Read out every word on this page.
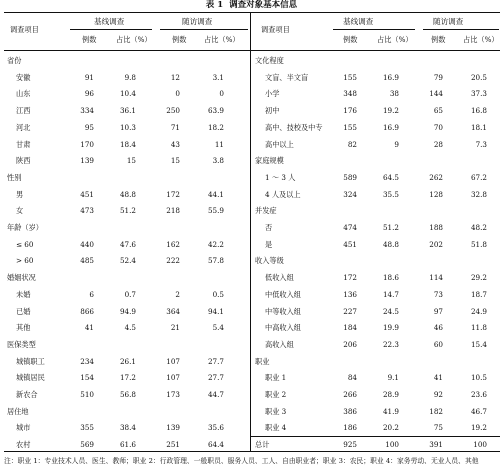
表 1 调查对象基本信息
基线调查	随访调查
调查项目
例数	占比（%）	例数 占比（%）
省份
安徽	91	9.8	12	3.1
山东	96	10.4	0	0
江西	334	36.1	250	63.9
河北	95	10.3	71	18.2
甘肃	170	18.4	43	11
陕西	139	15	15	3.8
性别
男	451	48.8	172	44.1
女	473	51.2	218	55.9
年龄（岁）
≤ 60	440	47.6	162	42.2
> 60	485	52.4	222	57.8
婚姻状况
未婚	6	0.7	2	0.5
已婚	866	94.9	364	94.1
其他	41	4.5	21	5.4
医保类型
城镇职工	234	26.1	107	27.7
城镇居民	154	17.2	107	27.7
新农合	510	56.8	173	44.7
居住地
城市	355	38.4	139	35.6
农村	569	61.6	251	64.4
基线调查	随访调查
调查项目
例数	占比（%）	例数 占比（%）
文化程度
文盲、半文盲	155	16.9	79	20.5
小学	348	38	144	37.3
初中	176	19.2	65	16.8
高中、技校及中专	155	16.9	70	18.1
高中以上	82	9	28	7.3
家庭规模
1 ～ 3 人	589	64.5	262	67.2
4 人及以上	324	35.5	128	32.8
并发症
否	474	51.2	188	48.2
是	451	48.8	202	51.8
收入等级
低收入组	172	18.6	114	29.2
中低收入组	136	14.7	73	18.7
中等收入组	227	24.5	97	24.9
中高收入组	184	19.9	46	11.8
高收入组	206	22.3	60	15.4
职业
职业 1	84	9.1	41	10.5
职业 2	266	28.9	92	23.6
职业 3	386	41.9	182	46.7
职业 4	186	20.2	75	19.2
总计	925	100	391	100
注：职业 1：专业技术人员、医生、教师；职业 2：行政管理、一般职员、服务人员、工人、自由职业者；职业 3：农民；职业 4：家务劳动、无业人员、其他
